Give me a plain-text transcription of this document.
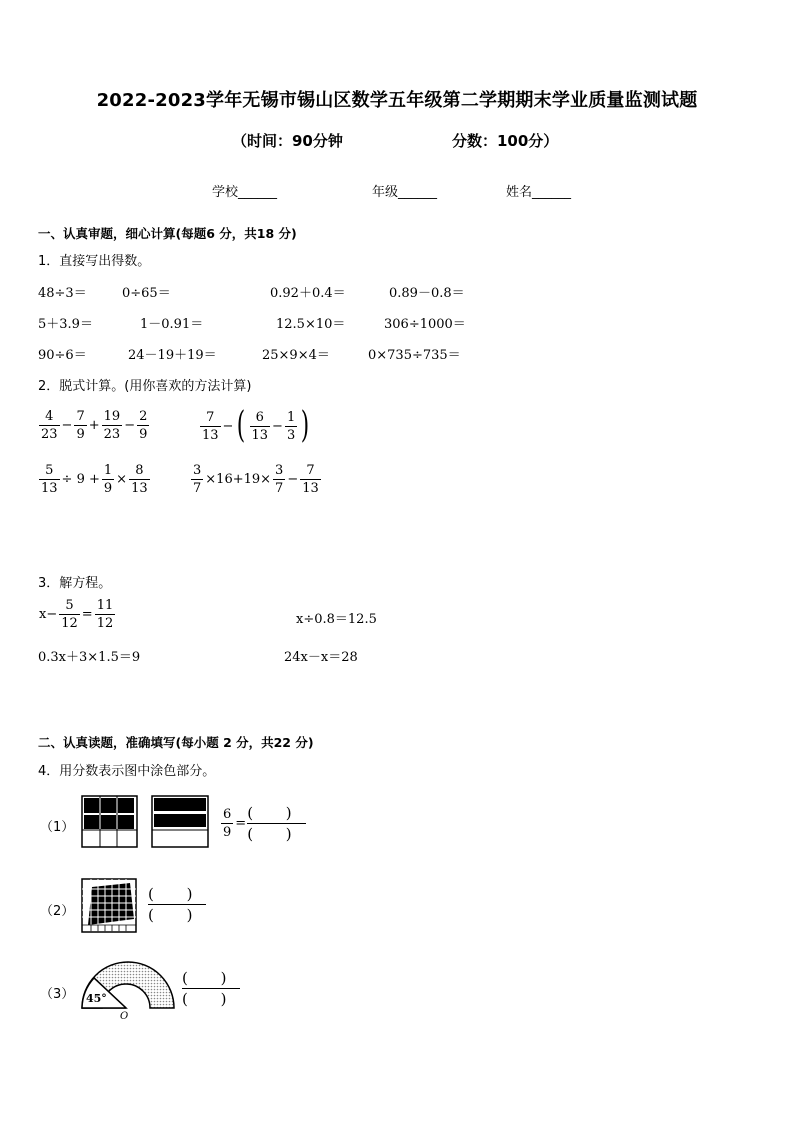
2022-2023学年无锡市锡山区数学五年级第二学期期末学业质量监测试题
（时间：90分钟	分数：100分）
学校______	年级______	姓名______
一、认真审题，细心计算(每题6 分，共18 分)
1．直接写出得数。
48÷3＝	0÷65＝	0.92＋0.4＝	0.89－0.8＝
5＋3.9＝	1－0.91＝	12.5×10＝	306÷1000＝
90÷6＝	24－19＋19＝	25×9×4＝	0×735÷735＝
2．脱式计算。(用你喜欢的方法计算)
$\frac{4}{23} - \frac{7}{9} + \frac{19}{23} - \frac{2}{9}$	$\frac{7}{13}$ − ( $\frac{6}{13} - \frac{1}{3}$ )
$\frac{5}{13} \div 9 + \frac{1}{9} \times \frac{8}{13}$	$\frac{3}{7} \times 16+19\times \frac{3}{7} - \frac{7}{13}$
3．解方程。
$x- \frac{5}{12} = \frac{11}{12}$	x÷0.8＝12.5
0.3x＋3×1.5＝9	24x－x＝28
二、认真读题，准确填写(每小题 2 分，共22 分)
4．用分数表示图中涂色部分。
（1）	$\frac{6}{9}$ =
( )
( )
（2）
( )
( )
（3） 45°
O
( )
( )
